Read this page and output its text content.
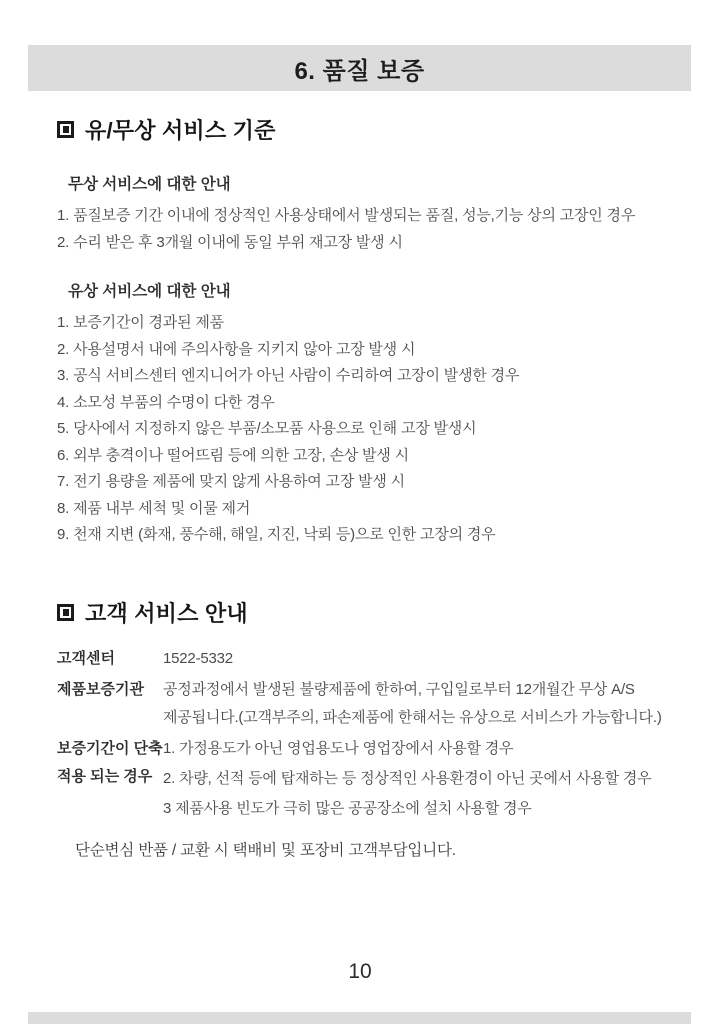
6. 품질 보증
유/무상 서비스 기준
무상 서비스에 대한 안내
1. 품질보증 기간 이내에 정상적인 사용상태에서 발생되는 품질, 성능,기능 상의 고장인 경우
2. 수리 받은 후 3개월 이내에 동일 부위 재고장 발생 시
유상 서비스에 대한 안내
1. 보증기간이 경과된 제품
2. 사용설명서 내에 주의사항을 지키지 않아 고장 발생 시
3. 공식 서비스센터 엔지니어가 아닌 사람이 수리하여 고장이 발생한 경우
4. 소모성 부품의 수명이 다한 경우
5. 당사에서 지정하지 않은 부품/소모품 사용으로 인해 고장 발생시
6. 외부 충격이나 떨어뜨림 등에 의한 고장, 손상 발생 시
7. 전기 용량을 제품에 맞지 않게 사용하여 고장 발생 시
8. 제품 내부 세척 및 이물 제거
9. 천재 지변 (화재, 풍수해, 해일, 지진, 낙뢰 등)으로 인한 고장의 경우
고객 서비스 안내
고객센터	1522-5332
제품보증기관	공정과정에서 발생된 불량제품에 한하여, 구입일로부터 12개월간 무상 A/S
제공됩니다.(고객부주의, 파손제품에 한해서는 유상으로 서비스가 가능합니다.)
보증기간이 단축
적용 되는 경우
1. 가정용도가 아닌 영업용도나 영업장에서 사용할 경우
2. 차량, 선적 등에 탑재하는 등 정상적인 사용환경이 아닌 곳에서 사용할 경우
3 제품사용 빈도가 극히 많은 공공장소에 설치 사용할 경우
단순변심 반품 / 교환 시 택배비 및 포장비 고객부담입니다.
10
